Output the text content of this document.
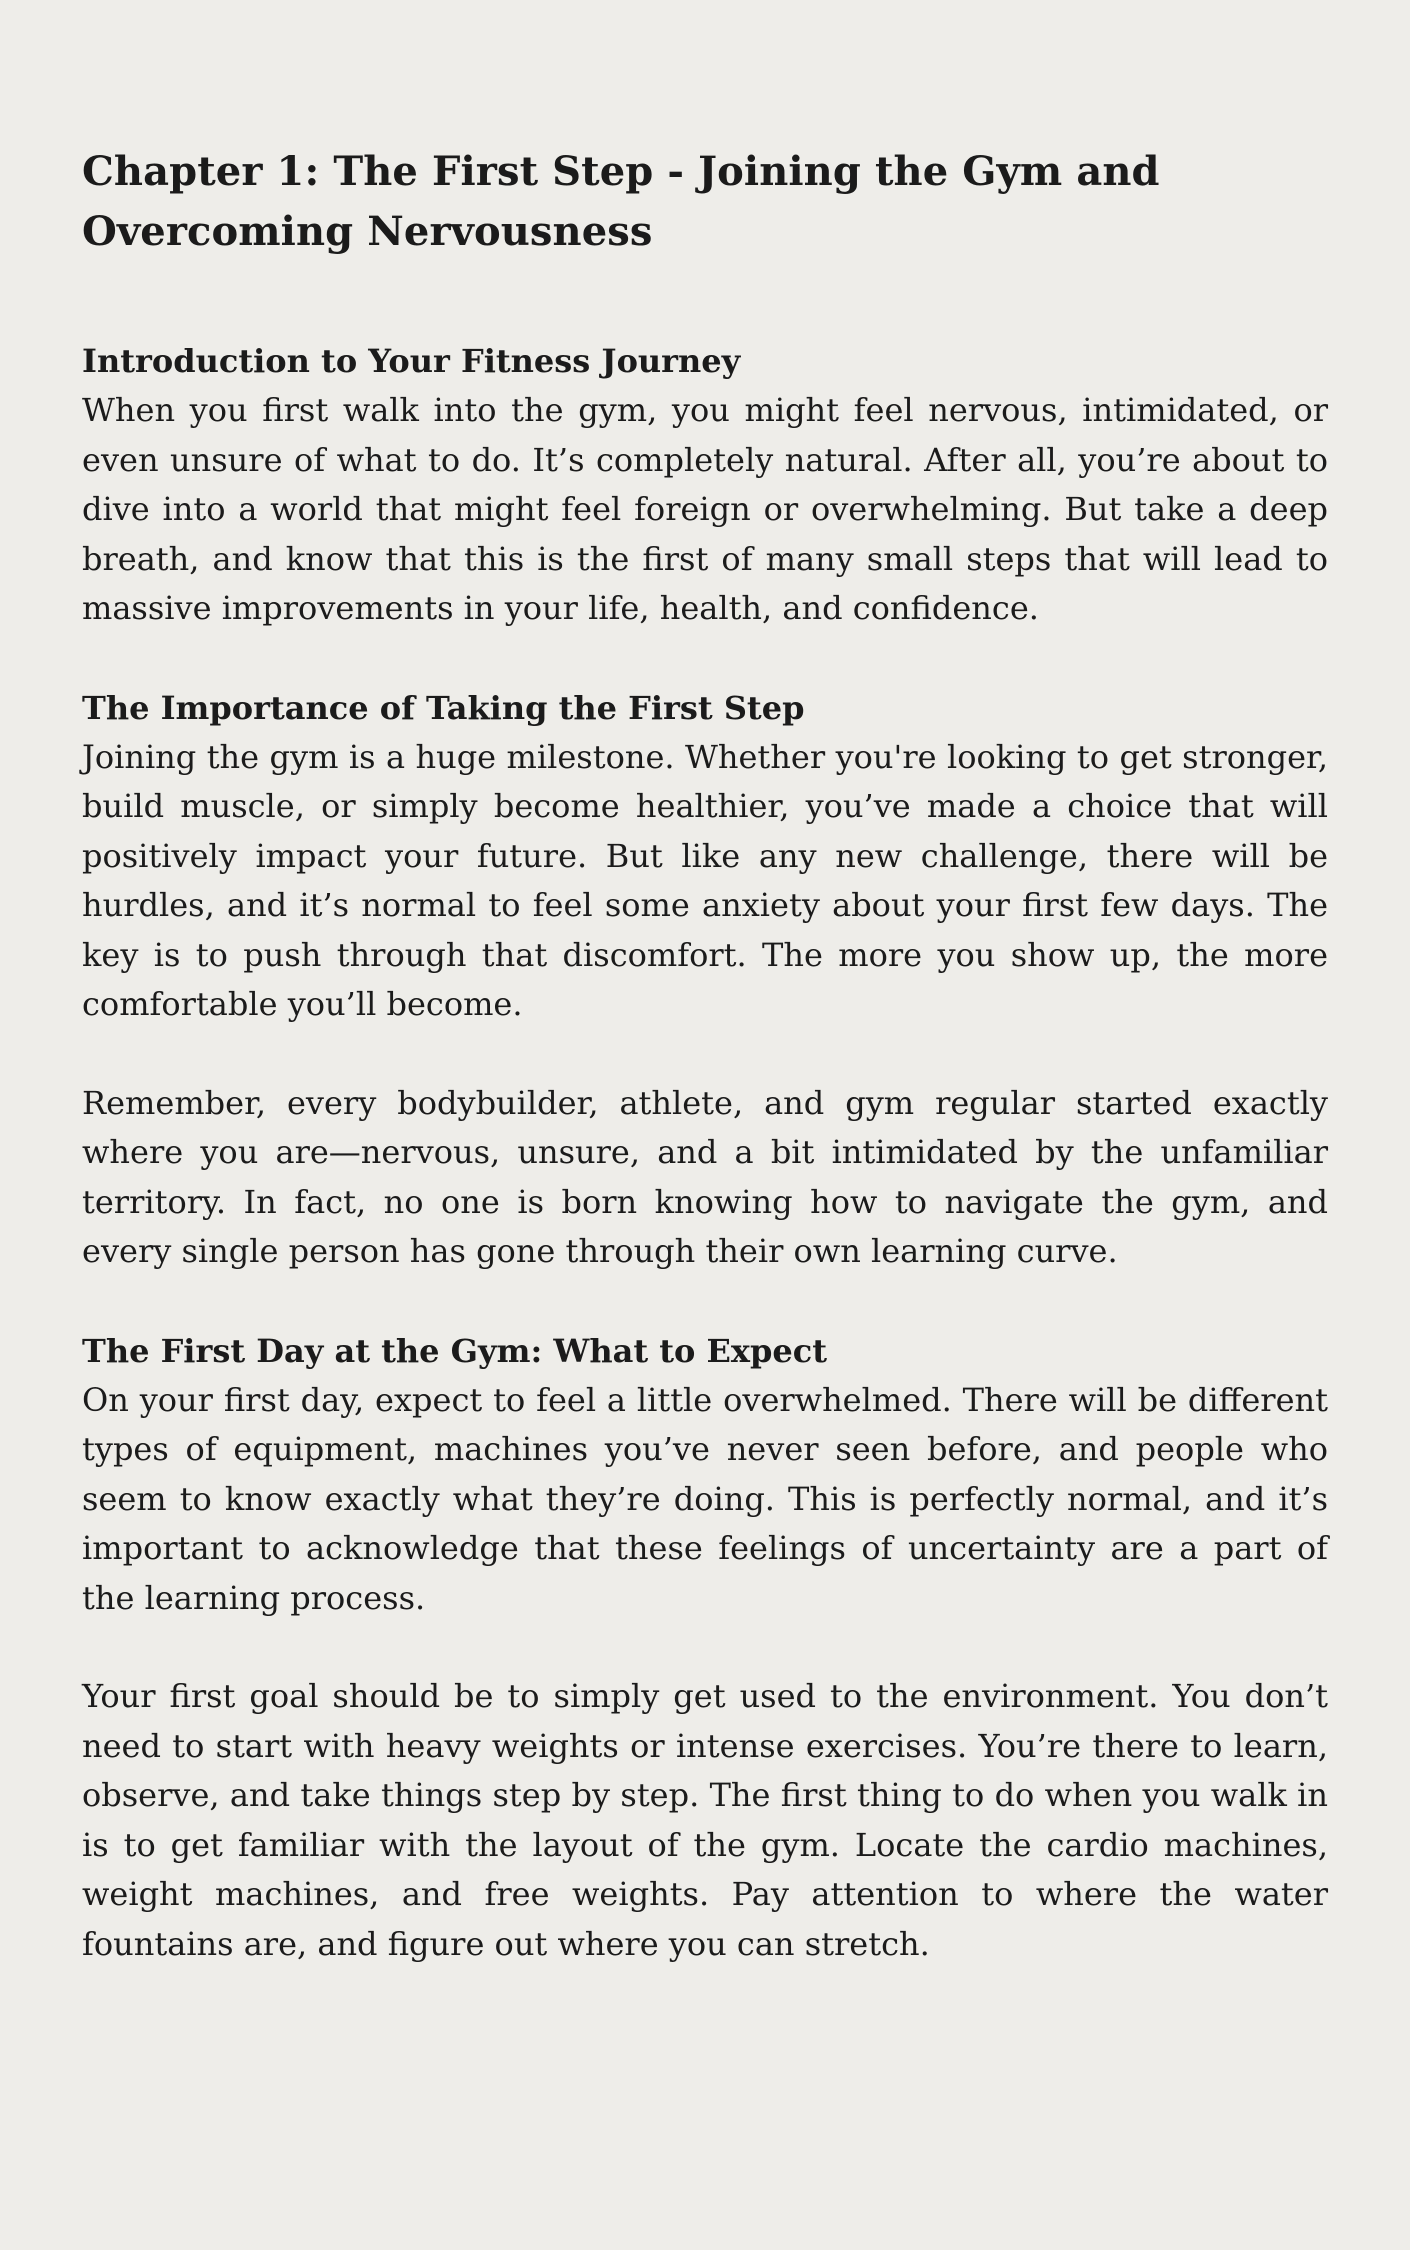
Chapter 1: The First Step - Joining the Gym and Overcoming Nervousness
Introduction to Your Fitness Journey

When you first walk into the gym, you might feel nervous, intimidated, or even unsure of what to do. It’s completely natural. After all, you’re about to dive into a world that might feel foreign or overwhelming. But take a deep breath, and know that this is the first of many small steps that will lead to massive improvements in your life, health, and confidence.

The Importance of Taking the First Step

Joining the gym is a huge milestone. Whether you're looking to get stronger, build muscle, or simply become healthier, you’ve made a choice that will positively impact your future. But like any new challenge, there will be hurdles, and it’s normal to feel some anxiety about your first few days. The key is to push through that discomfort. The more you show up, the more comfortable you’ll become.

Remember, every bodybuilder, athlete, and gym regular started exactly where you are—nervous, unsure, and a bit intimidated by the unfamiliar territory. In fact, no one is born knowing how to navigate the gym, and every single person has gone through their own learning curve.

The First Day at the Gym: What to Expect

On your first day, expect to feel a little overwhelmed. There will be different types of equipment, machines you’ve never seen before, and people who seem to know exactly what they’re doing. This is perfectly normal, and it’s important to acknowledge that these feelings of uncertainty are a part of the learning process.

Your first goal should be to simply get used to the environment. You don’t need to start with heavy weights or intense exercises. You’re there to learn, observe, and take things step by step. The first thing to do when you walk in is to get familiar with the layout of the gym. Locate the cardio machines, weight machines, and free weights. Pay attention to where the water fountains are, and figure out where you can stretch.
